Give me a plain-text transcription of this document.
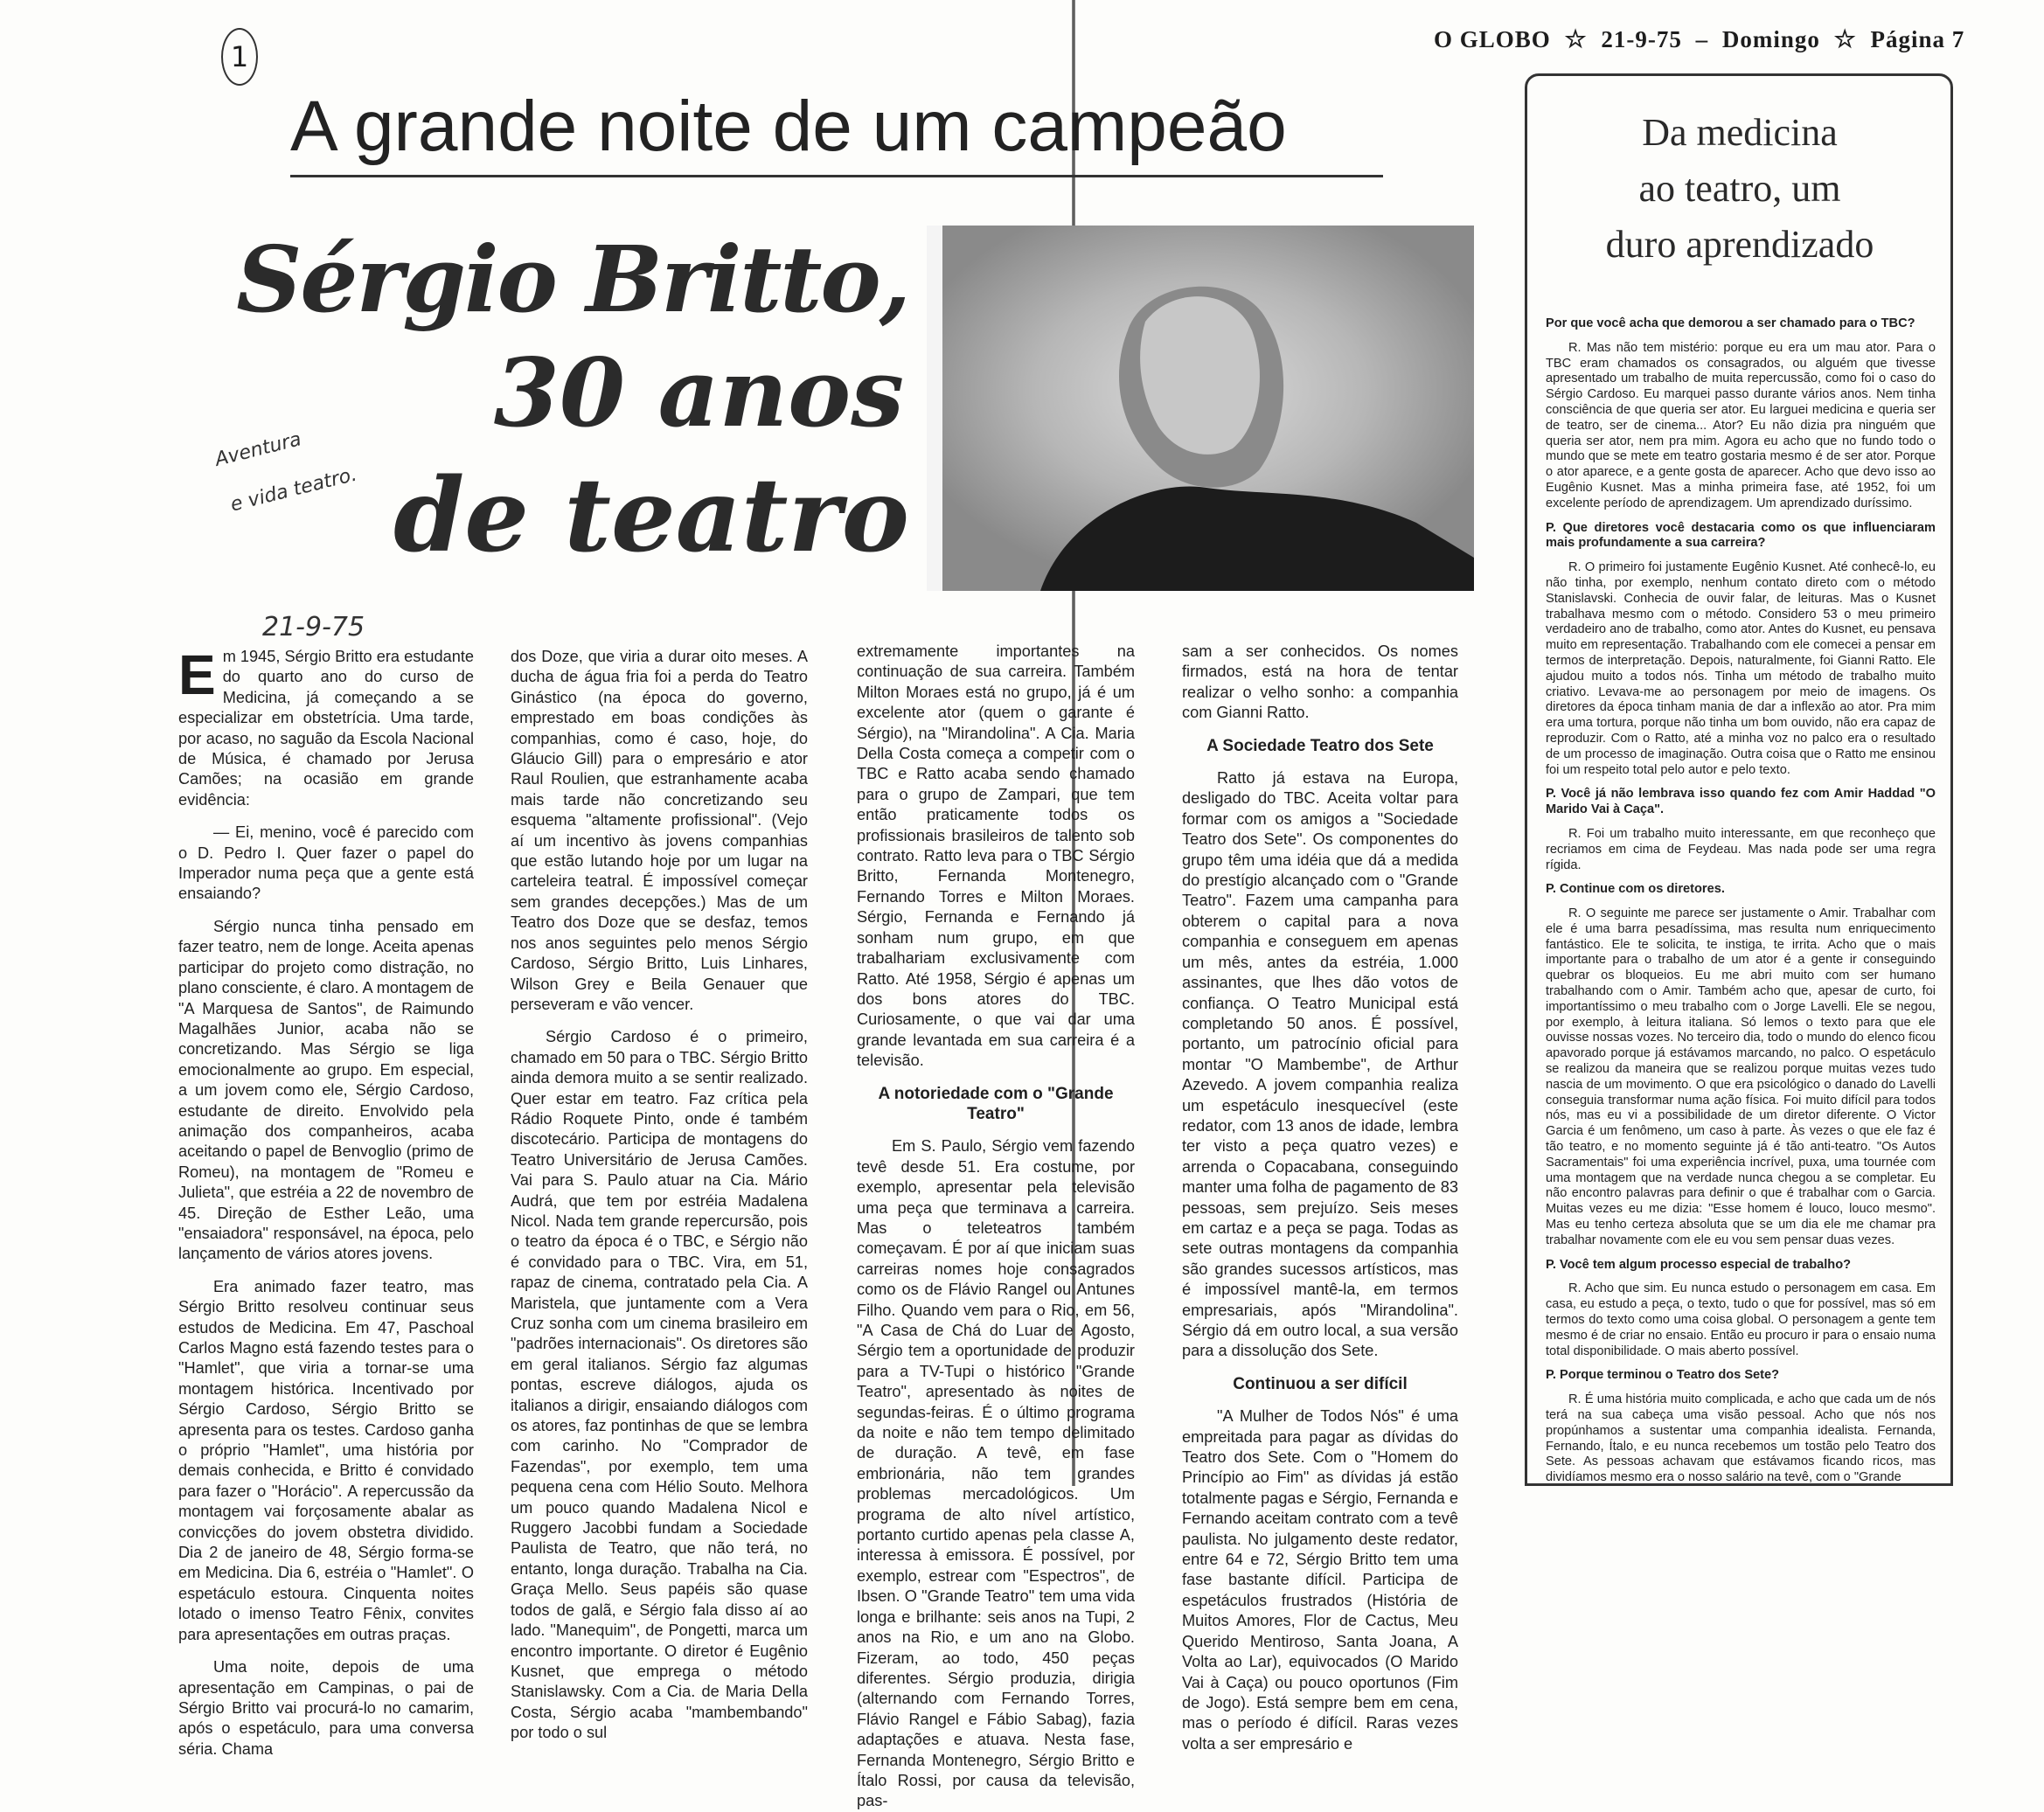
1
O GLOBO ☆ 21-9-75 – Domingo ☆ Página 7
A grande noite de um campeão
Sérgio Britto,
30 anos
de teatro
Aventura
e vida teatro.
21-9-75

Em 1945, Sérgio Britto era estudante do quarto ano do curso de Medicina, já começando a se especializar em obstetrícia. Uma tarde, por acaso, no saguão da Escola Nacional de Música, é chamado por Jerusa Camões; na ocasião em grande evidência:

— Ei, menino, você é parecido com o D. Pedro I. Quer fazer o papel do Imperador numa peça que a gente está ensaiando?

Sérgio nunca tinha pensado em fazer teatro, nem de longe. Aceita apenas participar do projeto como distração, no plano consciente, é claro. A montagem de "A Marquesa de Santos", de Raimundo Magalhães Junior, acaba não se concretizando. Mas Sérgio se liga emocionalmente ao grupo. Em especial, a um jovem como ele, Sérgio Cardoso, estudante de direito. Envolvido pela animação dos companheiros, acaba aceitando o papel de Benvoglio (primo de Romeu), na montagem de "Romeu e Julieta", que estréia a 22 de novembro de 45. Direção de Esther Leão, uma "ensaiadora" responsável, na época, pelo lançamento de vários atores jovens.

Era animado fazer teatro, mas Sérgio Britto resolveu continuar seus estudos de Medicina. Em 47, Paschoal Carlos Magno está fazendo testes para o "Hamlet", que viria a tornar-se uma montagem histórica. Incentivado por Sérgio Cardoso, Sérgio Britto se apresenta para os testes. Cardoso ganha o próprio "Hamlet", uma história por demais conhecida, e Britto é convidado para fazer o "Horácio". A repercussão da montagem vai forçosamente abalar as convicções do jovem obstetra dividido. Dia 2 de janeiro de 48, Sérgio forma-se em Medicina. Dia 6, estréia o "Hamlet". O espetáculo estoura. Cinquenta noites lotado o imenso Teatro Fênix, convites para apresentações em outras praças.

Uma noite, depois de uma apresentação em Campinas, o pai de Sérgio Britto vai procurá-lo no camarim, após o espetáculo, para uma conversa séria. Chama

dos Doze, que viria a durar oito meses. A ducha de água fria foi a perda do Teatro Ginástico (na época do governo, emprestado em boas condições às companhias, como é caso, hoje, do Gláucio Gill) para o empresário e ator Raul Roulien, que estranhamente acaba mais tarde não concretizando seu esquema "altamente profissional". (Vejo aí um incentivo às jovens companhias que estão lutando hoje por um lugar na carteleira teatral. É impossível começar sem grandes decepções.) Mas de um Teatro dos Doze que se desfaz, temos nos anos seguintes pelo menos Sérgio Cardoso, Sérgio Britto, Luis Linhares, Wilson Grey e Beila Genauer que perseveram e vão vencer.

Sérgio Cardoso é o primeiro, chamado em 50 para o TBC. Sérgio Britto ainda demora muito a se sentir realizado. Quer estar em teatro. Faz crítica pela Rádio Roquete Pinto, onde é também discotecário. Participa de montagens do Teatro Universitário de Jerusa Camões. Vai para S. Paulo atuar na Cia. Mário Audrá, que tem por estréia Madalena Nicol. Nada tem grande repercursão, pois o teatro da época é o TBC, e Sérgio não é convidado para o TBC. Vira, em 51, rapaz de cinema, contratado pela Cia. A Maristela, que juntamente com a Vera Cruz sonha com um cinema brasileiro em "padrões internacionais". Os diretores são em geral italianos. Sérgio faz algumas pontas, escreve diálogos, ajuda os italianos a dirigir, ensaiando diálogos com os atores, faz pontinhas de que se lembra com carinho. No "Comprador de Fazendas", por exemplo, tem uma pequena cena com Hélio Souto. Melhora um pouco quando Madalena Nicol e Ruggero Jacobbi fundam a Sociedade Paulista de Teatro, que não terá, no entanto, longa duração. Trabalha na Cia. Graça Mello. Seus papéis são quase todos de galã, e Sérgio fala disso aí ao lado. "Manequim", de Pongetti, marca um encontro importante. O diretor é Eugênio Kusnet, que emprega o método Stanislawsky. Com a Cia. de Maria Della Costa, Sérgio acaba "mambembando" por todo o sul

extremamente importantes na continuação de sua carreira. Também Milton Moraes está no grupo, já é um excelente ator (quem o garante é Sérgio), na "Mirandolina". A Cia. Maria Della Costa começa a competir com o TBC e Ratto acaba sendo chamado para o grupo de Zampari, que tem então praticamente todos os profissionais brasileiros de talento sob contrato. Ratto leva para o TBC Sérgio Britto, Fernanda Montenegro, Fernando Torres e Milton Moraes. Sérgio, Fernanda e Fernando já sonham num grupo, em que trabalhariam exclusivamente com Ratto. Até 1958, Sérgio é apenas um dos bons atores do TBC. Curiosamente, o que vai dar uma grande levantada em sua carreira é a televisão.

A notoriedade com o "Grande Teatro"

Em S. Paulo, Sérgio vem fazendo tevê desde 51. Era costume, por exemplo, apresentar pela televisão uma peça que terminava a carreira. Mas o teleteatros também começavam. É por aí que iniciam suas carreiras nomes hoje consagrados como os de Flávio Rangel ou Antunes Filho. Quando vem para o Rio, em 56, "A Casa de Chá do Luar de Agosto, Sérgio tem a oportunidade de produzir para a TV-Tupi o histórico "Grande Teatro", apresentado às noites de segundas-feiras. É o último programa da noite e não tem tempo delimitado de duração. A tevê, em fase embrionária, não tem grandes problemas mercadológicos. Um programa de alto nível artístico, portanto curtido apenas pela classe A, interessa à emissora. É possível, por exemplo, estrear com "Espectros", de Ibsen. O "Grande Teatro" tem uma vida longa e brilhante: seis anos na Tupi, 2 anos na Rio, e um ano na Globo. Fizeram, ao todo, 450 peças diferentes. Sérgio produzia, dirigia (alternando com Fernando Torres, Flávio Rangel e Fábio Sabag), fazia adaptações e atuava. Nesta fase, Fernanda Montenegro, Sérgio Britto e Ítalo Rossi, por causa da televisão, pas-

sam a ser conhecidos. Os nomes firmados, está na hora de tentar realizar o velho sonho: a companhia com Gianni Ratto.

A Sociedade Teatro dos Sete

Ratto já estava na Europa, desligado do TBC. Aceita voltar para formar com os amigos a "Sociedade Teatro dos Sete". Os componentes do grupo têm uma idéia que dá a medida do prestígio alcançado com o "Grande Teatro". Fazem uma campanha para obterem o capital para a nova companhia e conseguem em apenas um mês, antes da estréia, 1.000 assinantes, que lhes dão votos de confiança. O Teatro Municipal está completando 50 anos. É possível, portanto, um patrocínio oficial para montar "O Mambembe", de Arthur Azevedo. A jovem companhia realiza um espetáculo inesquecível (este redator, com 13 anos de idade, lembra ter visto a peça quatro vezes) e arrenda o Copacabana, conseguindo manter uma folha de pagamento de 83 pessoas, sem prejuízo. Seis meses em cartaz e a peça se paga. Todas as sete outras montagens da companhia são grandes sucessos artísticos, mas é impossível mantê-la, em termos empresariais, após "Mirandolina". Sérgio dá em outro local, a sua versão para a dissolução dos Sete.

Continuou a ser difícil

"A Mulher de Todos Nós" é uma empreitada para pagar as dívidas do Teatro dos Sete. Com o "Homem do Princípio ao Fim" as dívidas já estão totalmente pagas e Sérgio, Fernanda e Fernando aceitam contrato com a tevê paulista. No julgamento deste redator, entre 64 e 72, Sérgio Britto tem uma fase bastante difícil. Participa de espetáculos frustrados (História de Muitos Amores, Flor de Cactus, Meu Querido Mentiroso, Santa Joana, A Volta ao Lar), equivocados (O Marido Vai à Caça) ou pouco oportunos (Fim de Jogo). Está sempre bem em cena, mas o período é difícil. Raras vezes volta a ser empresário e

Da medicina
ao teatro, um
duro aprendizado

Por que você acha que demorou a ser chamado para o TBC?

R. Mas não tem mistério: porque eu era um mau ator. Para o TBC eram chamados os consagrados, ou alguém que tivesse apresentado um trabalho de muita repercussão, como foi o caso do Sérgio Cardoso. Eu marquei passo durante vários anos. Nem tinha consciência de que queria ser ator. Eu larguei medicina e queria ser de teatro, ser de cinema... Ator? Eu não dizia pra ninguém que queria ser ator, nem pra mim. Agora eu acho que no fundo todo o mundo que se mete em teatro gostaria mesmo é de ser ator. Porque o ator aparece, e a gente gosta de aparecer. Acho que devo isso ao Eugênio Kusnet. Mas a minha primeira fase, até 1952, foi um excelente período de aprendizagem. Um aprendizado duríssimo.

P. Que diretores você destacaria como os que influenciaram mais profundamente a sua carreira?

R. O primeiro foi justamente Eugênio Kusnet. Até conhecê-lo, eu não tinha, por exemplo, nenhum contato direto com o método Stanislavski. Conhecia de ouvir falar, de leituras. Mas o Kusnet trabalhava mesmo com o método. Considero 53 o meu primeiro verdadeiro ano de trabalho, como ator. Antes do Kusnet, eu pensava muito em representação. Trabalhando com ele comecei a pensar em termos de interpretação. Depois, naturalmente, foi Gianni Ratto. Ele ajudou muito a todos nós. Tinha um método de trabalho muito criativo. Levava-me ao personagem por meio de imagens. Os diretores da época tinham mania de dar a inflexão ao ator. Pra mim era uma tortura, porque não tinha um bom ouvido, não era capaz de reproduzir. Com o Ratto, até a minha voz no palco era o resultado de um processo de imaginação. Outra coisa que o Ratto me ensinou foi um respeito total pelo autor e pelo texto.

P. Você já não lembrava isso quando fez com Amir Haddad "O Marido Vai à Caça".

R. Foi um trabalho muito interessante, em que reconheço que recriamos em cima de Feydeau. Mas nada pode ser uma regra rígida.

P. Continue com os diretores.

R. O seguinte me parece ser justamente o Amir. Trabalhar com ele é uma barra pesadíssima, mas resulta num enriquecimento fantástico. Ele te solicita, te instiga, te irrita. Acho que o mais importante para o trabalho de um ator é a gente ir conseguindo quebrar os bloqueios. Eu me abri muito com ser humano trabalhando com o Amir. Também acho que, apesar de curto, foi importantíssimo o meu trabalho com o Jorge Lavelli. Ele se negou, por exemplo, à leitura italiana. Só lemos o texto para que ele ouvisse nossas vozes. No terceiro dia, todo o mundo do elenco ficou apavorado porque já estávamos marcando, no palco. O espetáculo se realizou da maneira que se realizou porque muitas vezes tudo nascia de um movimento. O que era psicológico o danado do Lavelli conseguia transformar numa ação física. Foi muito difícil para todos nós, mas eu vi a possibilidade de um diretor diferente. O Victor Garcia é um fenômeno, um caso à parte. Às vezes o que ele faz é tão teatro, e no momento seguinte já é tão anti-teatro. "Os Autos Sacramentais" foi uma experiência incrível, puxa, uma tournée com uma montagem que na verdade nunca chegou a se completar. Eu não encontro palavras para definir o que é trabalhar com o Garcia. Muitas vezes eu me dizia: "Esse homem é louco, louco mesmo". Mas eu tenho certeza absoluta que se um dia ele me chamar pra trabalhar novamente com ele eu vou sem pensar duas vezes.

P. Você tem algum processo especial de trabalho?

R. Acho que sim. Eu nunca estudo o personagem em casa. Em casa, eu estudo a peça, o texto, tudo o que for possível, mas só em termos do texto como uma coisa global. O personagem a gente tem mesmo é de criar no ensaio. Então eu procuro ir para o ensaio numa total disponibilidade. O mais aberto possível.

P. Porque terminou o Teatro dos Sete?

R. É uma história muito complicada, e acho que cada um de nós terá na sua cabeça uma visão pessoal. Acho que nós nos propúnhamos a sustentar uma companhia idealista. Fernanda, Fernando, Ítalo, e eu nunca recebemos um tostão pelo Teatro dos Sete. As pessoas achavam que estávamos ficando ricos, mas dividíamos mesmo era o nosso salário na tevê, com o "Grande
